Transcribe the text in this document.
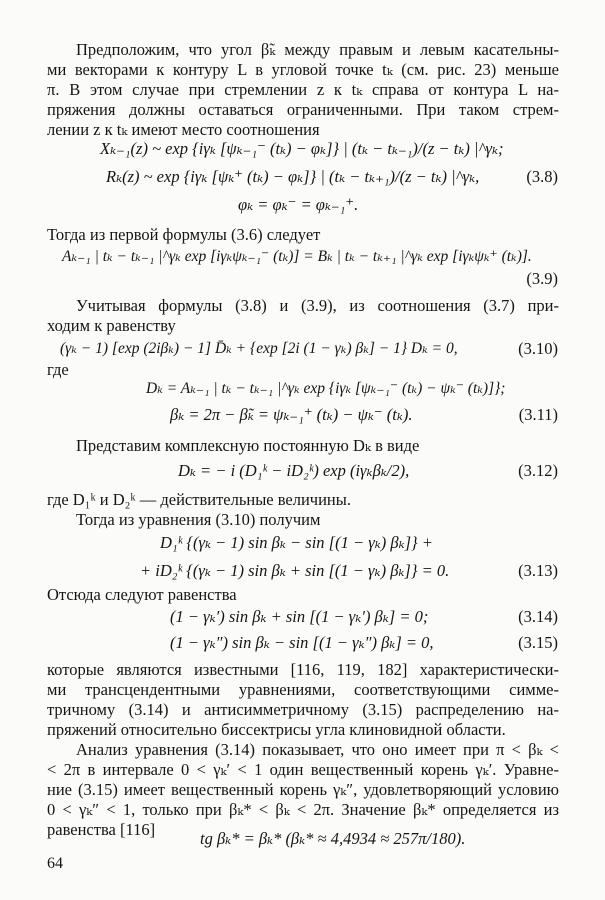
Предположим, что угол β̃ₖ между правым и левым касательны-
ми векторами к контуру L в угловой точке tₖ (см. рис. 23) меньше
π. В этом случае при стремлении z к tₖ справа от контура L на-
пряжения должны оставаться ограниченными. При таком стрем-
лении z к tₖ имеют место соотношения
Xₖ₋₁(z) ~ exp {iγₖ [ψₖ₋₁⁻ (tₖ) − φₖ]} | (tₖ − tₖ₋₁)/(z − tₖ) |^γₖ;
Rₖ(z) ~ exp {iγₖ [ψₖ⁺ (tₖ) − φₖ]} | (tₖ − tₖ₊₁)/(z − tₖ) |^γₖ,	(3.8)
φₖ = φₖ⁻ = φₖ₋₁⁺.
Тогда из первой формулы (3.6) следует
Aₖ₋₁ | tₖ − tₖ₋₁ |^γₖ exp [iγₖψₖ₋₁⁻ (tₖ)] = Bₖ | tₖ − tₖ₊₁ |^γₖ exp [iγₖψₖ⁺ (tₖ)].
(3.9)
Учитывая формулы (3.8) и (3.9), из соотношения (3.7) при-
ходим к равенству
(γₖ − 1) [exp (2iβₖ) − 1] D̄ₖ + {exp [2i (1 − γₖ) βₖ] − 1} Dₖ = 0,	(3.10)
где
Dₖ = Aₖ₋₁ | tₖ − tₖ₋₁ |^γₖ exp {iγₖ [ψₖ₋₁⁻ (tₖ) − ψₖ⁻ (tₖ)]};
βₖ = 2π − β̃ₖ = ψₖ₋₁⁺ (tₖ) − ψₖ⁻ (tₖ).	(3.11)
Представим комплексную постоянную Dₖ в виде
Dₖ = − i (D₁ᵏ − iD₂ᵏ) exp (iγₖβₖ/2),	(3.12)
где D₁ᵏ и D₂ᵏ — действительные величины.
Тогда из уравнения (3.10) получим
D₁ᵏ {(γₖ − 1) sin βₖ − sin [(1 − γₖ) βₖ]} +
+ iD₂ᵏ {(γₖ − 1) sin βₖ + sin [(1 − γₖ) βₖ]} = 0.	(3.13)
Отсюда следуют равенства
(1 − γₖ′) sin βₖ + sin [(1 − γₖ′) βₖ] = 0;	(3.14)
(1 − γₖ″) sin βₖ − sin [(1 − γₖ″) βₖ] = 0,	(3.15)
которые являются известными [116, 119, 182] характеристически-
ми трансцендентными уравнениями, соответствующими симме-
тричному (3.14) и антисимметричному (3.15) распределению на-
пряжений относительно биссектрисы угла клиновидной области.
Анализ уравнения (3.14) показывает, что оно имеет при π < βₖ <
< 2π в интервале 0 < γₖ′ < 1 один вещественный корень γₖ′. Уравне-
ние (3.15) имеет вещественный корень γₖ″, удовлетворяющий условию
0 < γₖ″ < 1, только при βₖ* < βₖ < 2π. Значение βₖ* определяется из
равенства [116]	tg βₖ* = βₖ* (βₖ* ≈ 4,4934 ≈ 257π/180).
64
